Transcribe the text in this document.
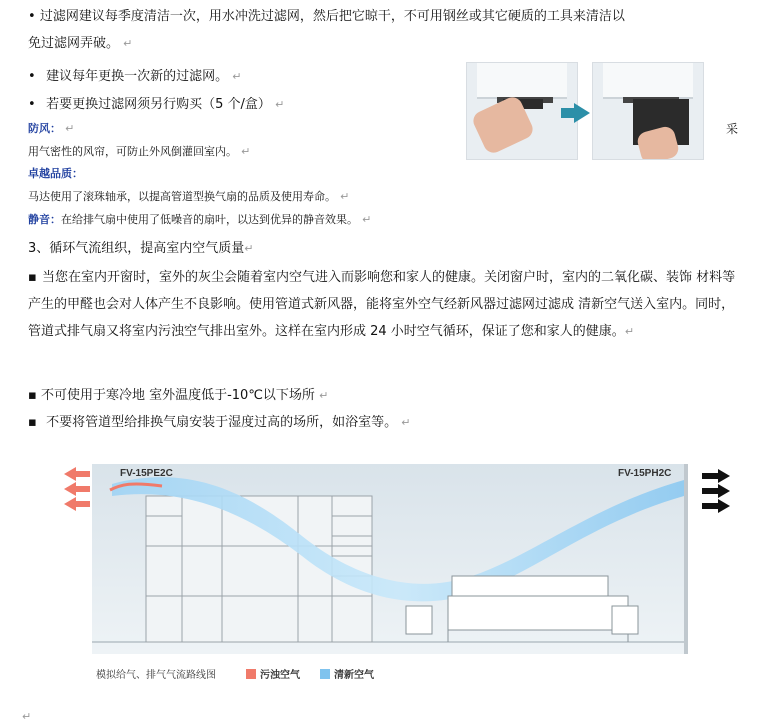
• 过滤网建议每季度清洁一次，用水冲洗过滤网，然后把它晾干，不可用钢丝或其它硬质的工具来清洁以
免过滤网弄破。 ↵
• 建议每年更换一次新的过滤网。 ↵
• 若要更换过滤网须另行购买（5 个/盒） ↵
防风： ↵
用气密性的风帘，可防止外风倒灌回室内。 ↵
卓越品质：
马达使用了滚珠轴承，以提高管道型换气扇的品质及使用寿命。 ↵
静音：在给排气扇中使用了低噪音的扇叶，以达到优异的静音效果。 ↵
3、循环气流组织，提高室内空气质量↵
▪ 当您在室内开窗时，室外的灰尘会随着室内空气进入而影响您和家人的健康。关闭窗户时，室内的二氧化碳、装饰 材料等产生的甲醛也会对人体产生不良影响。使用管道式新风器，能将室外空气经新风器过滤网过滤成 清新空气送入室内。同时，管道式排气扇又将室内污浊空气排出室外。这样在室内形成 24 小时空气循环，保证了您和家人的健康。↵
▪ 不可使用于寒冷地 室外温度低于-10℃以下场所 ↵
▪ 不要将管道型给排换气扇安装于湿度过高的场所，如浴室等。 ↵
采
FV-15PE2C	FV-15PH2C
模拟给气、排气气流路线图	污浊空气	清新空气
↵
